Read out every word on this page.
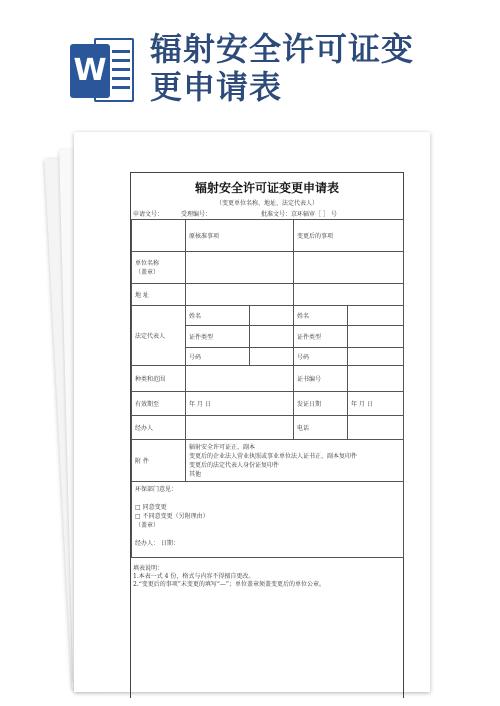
W
辐射安全许可证变
更申请表
辐射安全许可证变更申请表
（变更单位名称、地址、法定代表人）
申请文号：	受理编号：	批准文号：京环辐审［ ］ 号
	原核准事项		变更后的事项	

单位名称
（盖章）				

地 址				
法定代表人	姓名		姓名	
	证件类型		证件类型	
	号码		号码	
种类和范围			证书编号	
有效期至	年 月 日		发证日期	年 月 日
经办人			电话	
附 件	辐射安全许可证正、副本
变更后的企业法人营业执照或事业单位法人证书正、副本复印件
变更后的法定代表人身份证复印件
其他			

环保部门意见：
□ 同意变更
□ 不同意变更（另附理由）
（盖章）
经办人： 日期：				
填表说明：
1.本表一式 4 份，格式与内容不得擅自更改。
2.“变更后的事项”未变更的填写“—”；单位盖章须盖变更后的单位公章。
